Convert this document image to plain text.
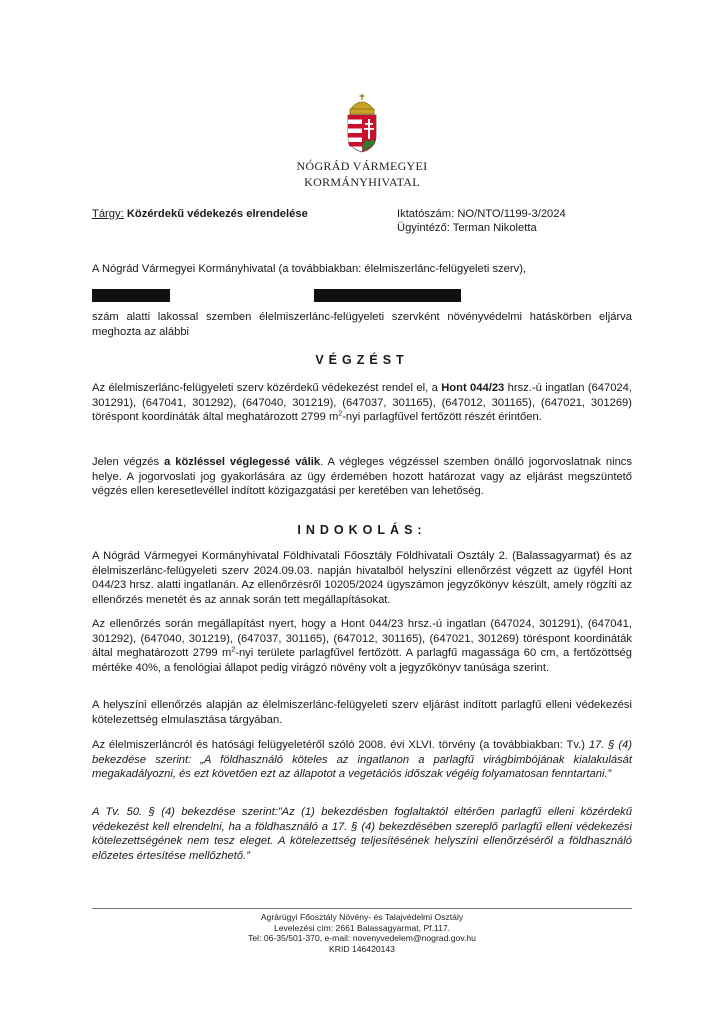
NÓGRÁD VÁRMEGYEI
KORMÁNYHIVATAL
Tárgy: Közérdekű védekezés elrendelése	Iktatószám: NO/NTO/1199-3/2024
Ügyintéző: Terman Nikoletta
A Nógrád Vármegyei Kormányhivatal (a továbbiakban: élelmiszerlánc-felügyeleti szerv),
szám alatti lakossal szemben élelmiszerlánc-felügyeleti szervként növényvédelmi hatáskörben eljárva meghozta az alábbi
VÉGZÉST
Az élelmiszerlánc-felügyeleti szerv közérdekű védekezést rendel el, a Hont 044/23 hrsz.-ú ingatlan (647024, 301291), (647041, 301292), (647040, 301219), (647037, 301165), (647012, 301165), (647021, 301269) töréspont koordináták által meghatározott 2799 $m^2$-nyi parlagfűvel fertőzött részét érintően.
Jelen végzés a közléssel véglegessé válik. A végleges végzéssel szemben önálló jogorvoslatnak nincs helye. A jogorvoslati jog gyakorlására az ügy érdemében hozott határozat vagy az eljárást megszüntető végzés ellen keresetlevéllel indított közigazgatási per keretében van lehetőség.
INDOKOLÁS:
A Nógrád Vármegyei Kormányhivatal Földhivatali Főosztály Földhivatali Osztály 2. (Balassagyarmat) és az élelmiszerlánc-felügyeleti szerv 2024.09.03. napján hivatalból helyszíni ellenőrzést végzett az ügyfél Hont 044/23 hrsz. alatti ingatlanán. Az ellenőrzésről 10205/2024 ügyszámon jegyzőkönyv készült, amely rögzíti az ellenőrzés menetét és az annak során tett megállapításokat.
Az ellenőrzés során megállapítást nyert, hogy a Hont 044/23 hrsz.-ú ingatlan (647024, 301291), (647041, 301292), (647040, 301219), (647037, 301165), (647012, 301165), (647021, 301269) töréspont koordináták által meghatározott 2799 $m^2$-nyi területe parlagfűvel fertőzött. A parlagfű magassága 60 cm, a fertőzöttség mértéke 40%, a fenológiai állapot pedig virágzó növény volt a jegyzőkönyv tanúsága szerint.
A helyszíni ellenőrzés alapján az élelmiszerlánc-felügyeleti szerv eljárást indított parlagfű elleni védekezési kötelezettség elmulasztása tárgyában.
Az élelmiszerláncról és hatósági felügyeletéről szóló 2008. évi XLVI. törvény (a továbbiakban: Tv.) 17. § (4) bekezdése szerint: „A földhasználó köteles az ingatlanon a parlagfű virágbimbójának kialakulását megakadályozni, és ezt követően ezt az állapotot a vegetációs időszak végéig folyamatosan fenntartani.”
A Tv. 50. § (4) bekezdése szerint:”Az (1) bekezdésben foglaltaktól eltérően parlagfű elleni közérdekű védekezést kell elrendelni, ha a földhasználó a 17. § (4) bekezdésében szereplő parlagfű elleni védekezési kötelezettségének nem tesz eleget. A kötelezettség teljesítésének helyszíni ellenőrzéséről a földhasználó előzetes értesítése mellőzhető.”
Agrárügyi Főosztály Növény- és Talajvédelmi Osztály
Levelezési cím: 2661 Balassagyarmat, Pf.117.
Tel: 06-35/501-370, e-mail: novenyvedelem@nograd.gov.hu
KRID 146420143
